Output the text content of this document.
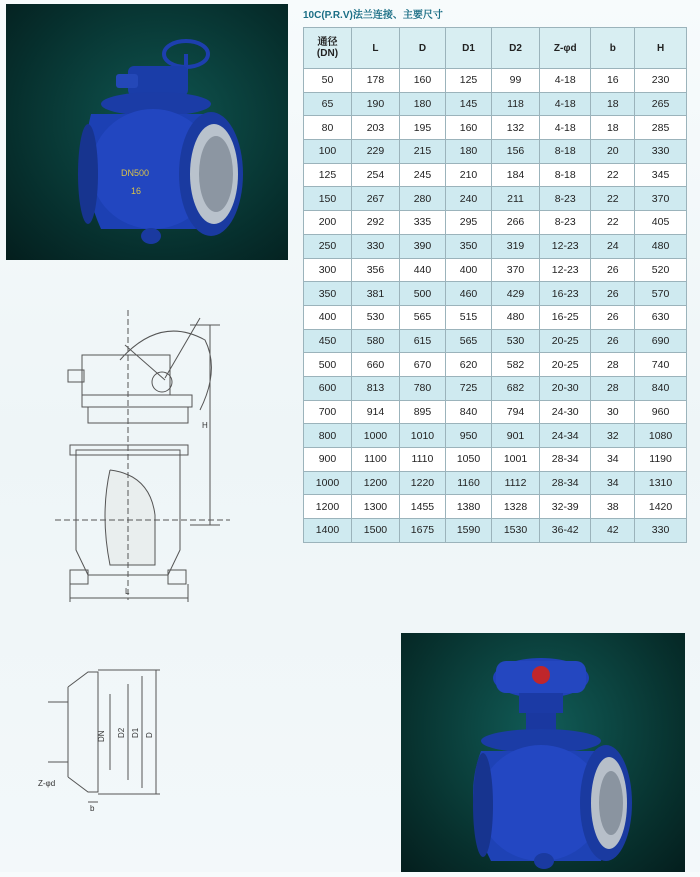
DN500
16
10C(P.R.V)法兰连接、主要尺寸
通径
(DN)	L	D	D1	D2	Z-φd	b	H
50	178	160	125	99	4-18	16	230
65	190	180	145	118	4-18	18	265
80	203	195	160	132	4-18	18	285
100	229	215	180	156	8-18	20	330
125	254	245	210	184	8-18	22	345
150	267	280	240	211	8-23	22	370
200	292	335	295	266	8-23	22	405
250	330	390	350	319	12-23	24	480
300	356	440	400	370	12-23	26	520
350	381	500	460	429	16-23	26	570
400	530	565	515	480	16-25	26	630
450	580	615	565	530	20-25	26	690
500	660	670	620	582	20-25	28	740
600	813	780	725	682	20-30	28	840
700	914	895	840	794	24-30	30	960
800	1000	1010	950	901	24-34	32	1080
900	1100	1110	1050	1001	28-34	34	1190
1000	1200	1220	1160	1112	28-34	34	1310
1200	1300	1455	1380	1328	32-39	38	1420
1400	1500	1675	1590	1530	36-42	42	330
H
L
DN D2 D1 D
Z-φd
b
